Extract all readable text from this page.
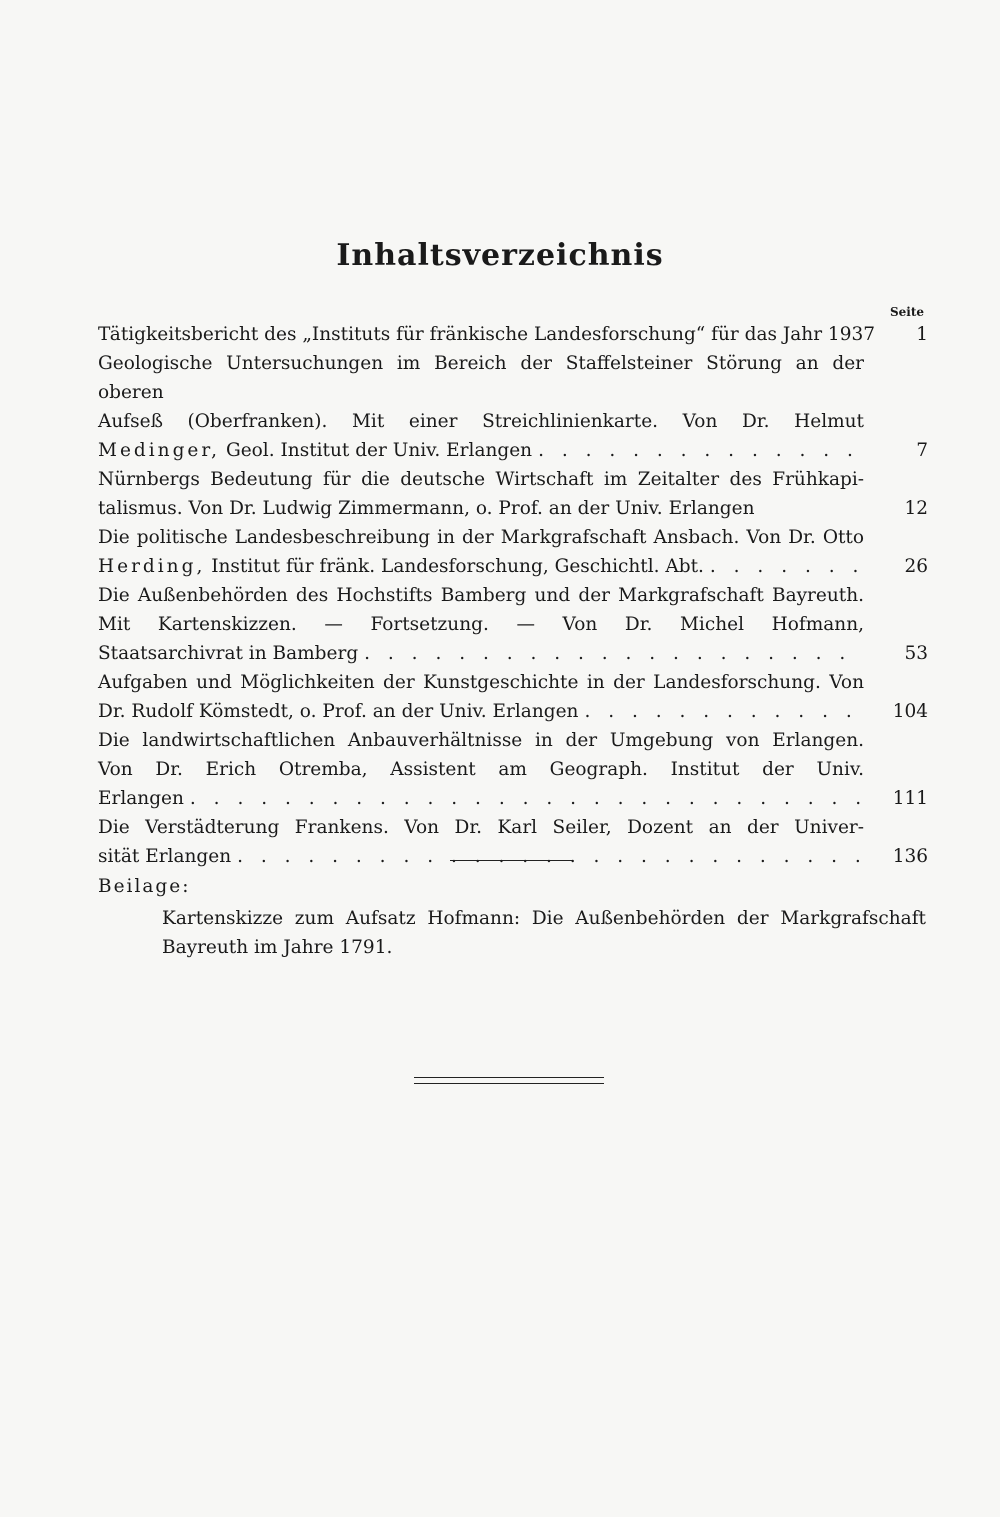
Inhaltsverzeichnis
Seite
Tätigkeitsbericht des „Instituts für fränkische Landesforschung“ für das Jahr 1937	1
Geologische Untersuchungen im Bereich der Staffelsteiner Störung an der oberen
Aufseß (Oberfranken). Mit einer Streichlinienkarte. Von Dr. Helmut
Medinger, Geol. Institut der Univ. Erlangen . . .	7
Nürnbergs Bedeutung für die deutsche Wirtschaft im Zeitalter des Frühkapi-
talismus. Von Dr. Ludwig Zimmermann, o. Prof. an der Univ. Erlangen	12
Die politische Landesbeschreibung in der Markgrafschaft Ansbach. Von Dr. Otto
Herding, Institut für fränk. Landesforschung, Geschichtl. Abt. . . .	26
Die Außenbehörden des Hochstifts Bamberg und der Markgrafschaft Bayreuth.
Mit Kartenskizzen. — Fortsetzung. — Von Dr. Michel Hofmann,
Staatsarchivrat in Bamberg . . .	53
Aufgaben und Möglichkeiten der Kunstgeschichte in der Landesforschung. Von
Dr. Rudolf Kömstedt, o. Prof. an der Univ. Erlangen . . .	104
Die landwirtschaftlichen Anbauverhältnisse in der Umgebung von Erlangen.
Von Dr. Erich Otremba, Assistent am Geograph. Institut der Univ.
Erlangen . . .	111
Die Verstädterung Frankens. Von Dr. Karl Seiler, Dozent an der Univer-
sität Erlangen . . .	136
Beilage:
Kartenskizze zum Aufsatz Hofmann: Die Außenbehörden der Markgrafschaft Bayreuth im Jahre 1791.
